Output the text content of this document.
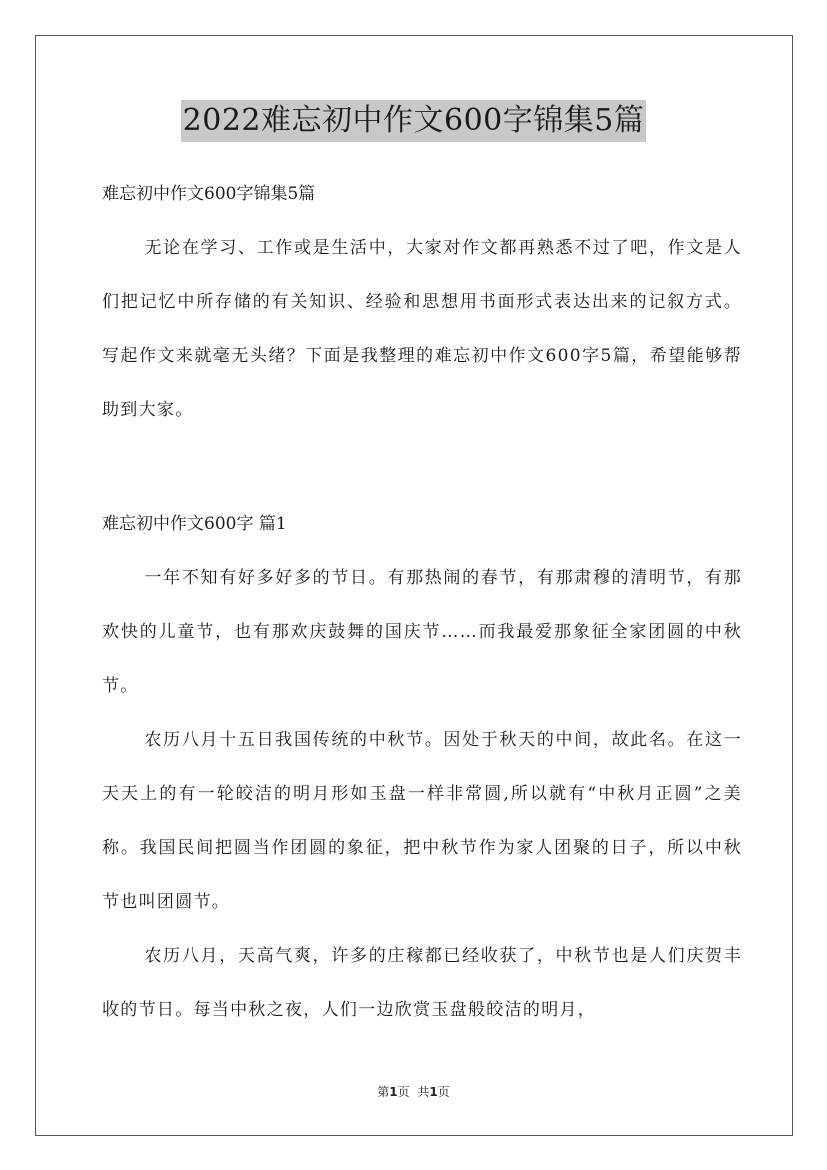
2022难忘初中作文600字锦集5篇

难忘初中作文600字锦集5篇

无论在学习、工作或是生活中，大家对作文都再熟悉不过了吧，作文是人们把记忆中所存储的有关知识、经验和思想用书面形式表达出来的记叙方式。写起作文来就毫无头绪？下面是我整理的难忘初中作文600字5篇，希望能够帮助到大家。

难忘初中作文600字 篇1

一年不知有好多好多的节日。有那热闹的春节，有那肃穆的清明节，有那欢快的儿童节，也有那欢庆鼓舞的国庆节……而我最爱那象征全家团圆的中秋节。

农历八月十五日我国传统的中秋节。因处于秋天的中间，故此名。在这一天天上的有一轮皎洁的明月形如玉盘一样非常圆,所以就有“中秋月正圆”之美称。我国民间把圆当作团圆的象征，把中秋节作为家人团聚的日子，所以中秋节也叫团圆节。

农历八月，天高气爽，许多的庄稼都已经收获了，中秋节也是人们庆贺丰收的节日。每当中秋之夜，人们一边欣赏玉盘般皎洁的明月，

第1页 共1页
